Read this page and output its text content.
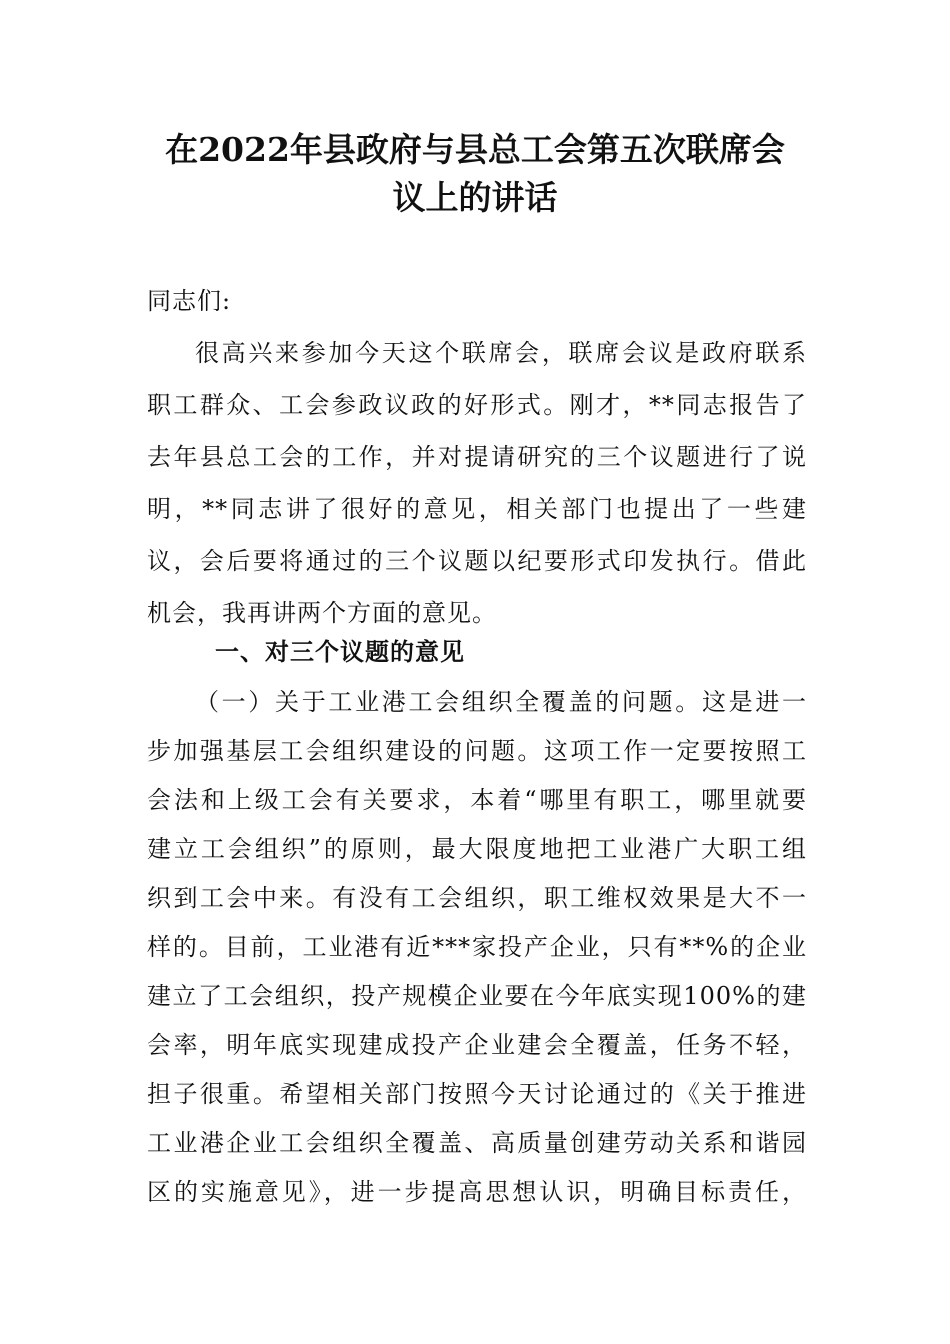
在2022年县政府与县总工会第五次联席会
议上的讲话
同志们:
很高兴来参加今天这个联席会，联席会议是政府联系
职工群众、工会参政议政的好形式。刚才，**同志报告了
去年县总工会的工作，并对提请研究的三个议题进行了说
明，**同志讲了很好的意见，相关部门也提出了一些建
议，会后要将通过的三个议题以纪要形式印发执行。借此
机会，我再讲两个方面的意见。
一、对三个议题的意见
（一）关于工业港工会组织全覆盖的问题。这是进一
步加强基层工会组织建设的问题。这项工作一定要按照工
会法和上级工会有关要求，本着“哪里有职工，哪里就要
建立工会组织”的原则，最大限度地把工业港广大职工组
织到工会中来。有没有工会组织，职工维权效果是大不一
样的。目前，工业港有近***家投产企业，只有**%的企业
建立了工会组织，投产规模企业要在今年底实现100%的建
会率，明年底实现建成投产企业建会全覆盖，任务不轻，
担子很重。希望相关部门按照今天讨论通过的《关于推进
工业港企业工会组织全覆盖、高质量创建劳动关系和谐园
区的实施意见》，进一步提高思想认识，明确目标责任，
